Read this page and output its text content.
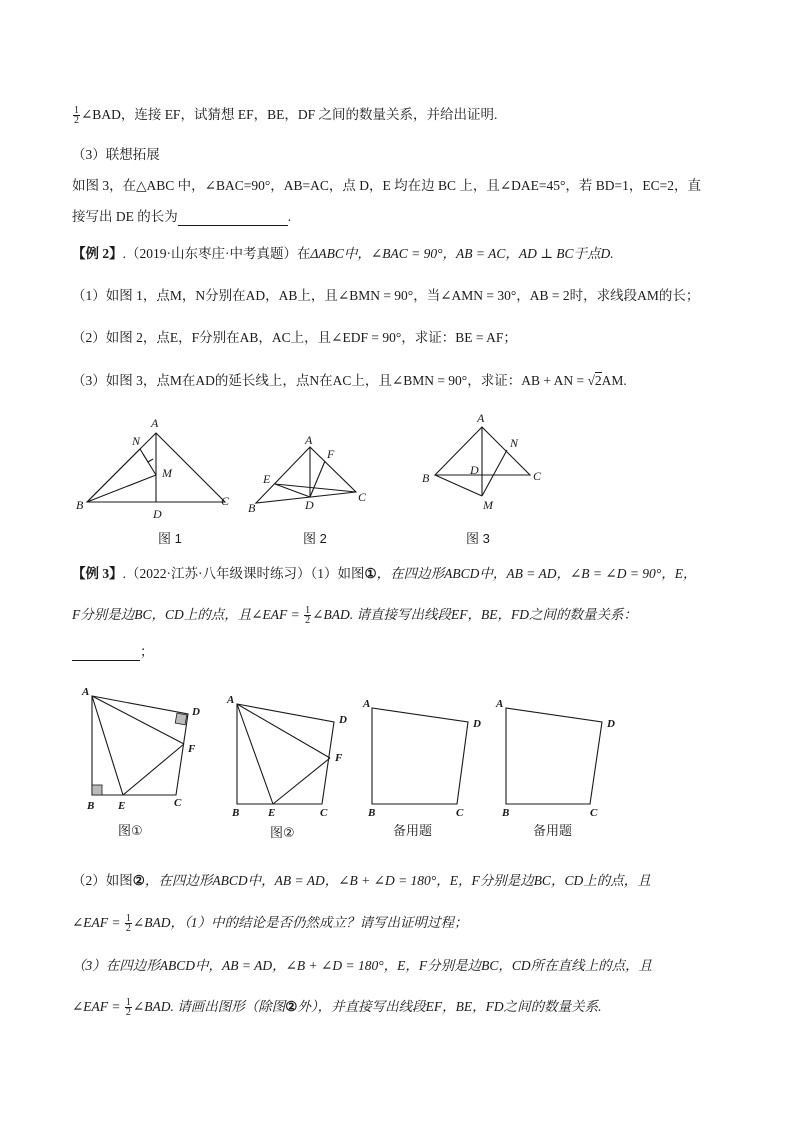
$\frac{1}{2}$ ∠BAD，连接 EF，试猜想 EF，BE，DF 之间的数量关系，并给出证明.
（3）联想拓展
如图 3，在△ABC 中，∠BAC=90°，AB=AC，点 D，E 均在边 BC 上，且∠DAE=45°，若 BD=1，EC=2，直
接写出 DE 的长为	.
【例 2】.（2019·山东枣庄·中考真题）在ΔABC中，∠BAC = 90°，AB = AC，AD ⊥ BC于点D.
（1）如图 1，点M，N分别在AD，AB上，且∠BMN = 90°，当∠AMN = 30°，AB = 2时，求线段AM的长；
（2）如图 2，点E，F分别在AB，AC上，且∠EDF = 90°，求证：BE = AF；
（3）如图 3，点M在AD的延长线上，点N在AC上，且∠BMN = 90°，求证：AB + AN = √2AM.
A
N
M
B
D
C
A
F
E
B	D
C
A
N
D
B	C
M
图 1	图 2	图 3
【例 3】.（2022·江苏·八年级课时练习）（1）如图①，在四边形ABCD中，AB = AD，∠B = ∠D = 90°，E，
F分别是边BC，CD上的点，且∠EAF = $\frac{1}{2}$ ∠BAD. 请直接写出线段EF，BE，FD之间的数量关系：
；
A
D
F
B E	C
A
D
F
B	E	C
A
D
B	C
A
D
B	C
图①	图②	备用题	备用题
（2）如图②，在四边形ABCD中，AB = AD，∠B + ∠D = 180°，E，F分别是边BC，CD上的点，且
∠EAF = $\frac{1}{2}$ ∠BAD，（1）中的结论是否仍然成立？请写出证明过程；
（3）在四边形ABCD中，AB = AD，∠B + ∠D = 180°，E，F分别是边BC，CD所在直线上的点，且
∠EAF = $\frac{1}{2}$ ∠BAD. 请画出图形（除图②外），并直接写出线段EF，BE，FD之间的数量关系.
